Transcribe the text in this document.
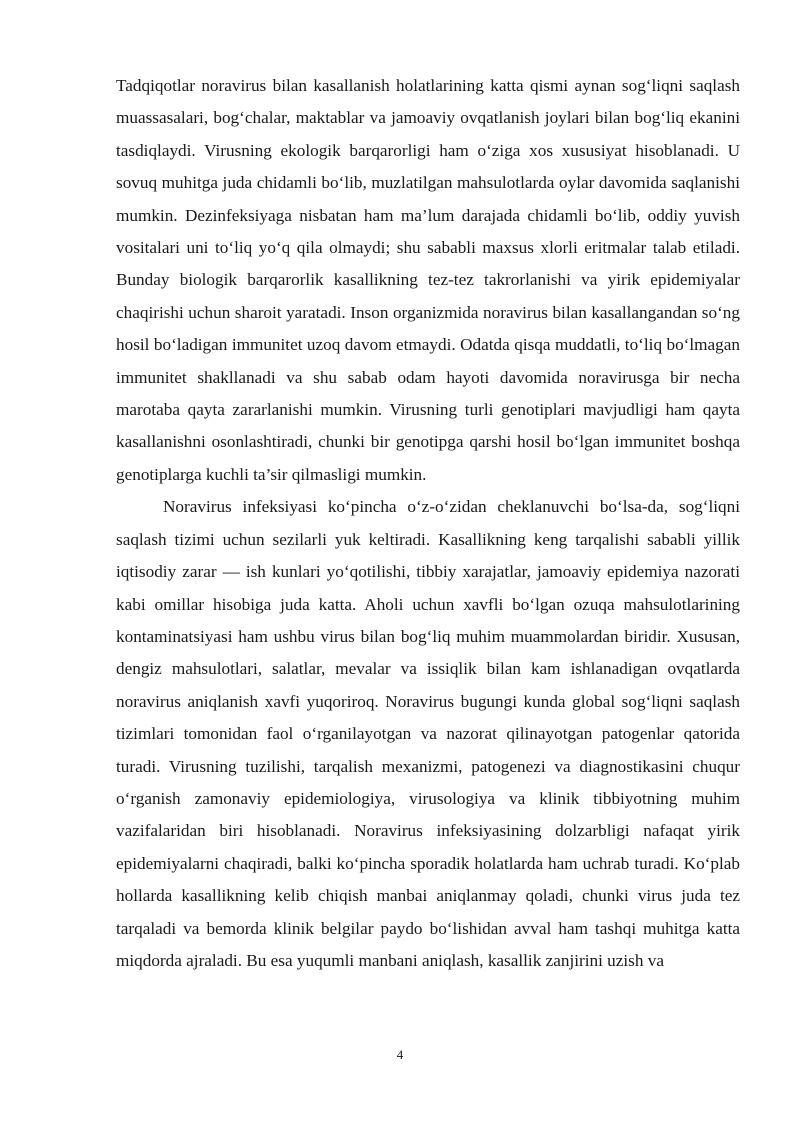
Tadqiqotlar noravirus bilan kasallanish holatlarining katta qismi aynan sog‘liqni saqlash muassasalari, bog‘chalar, maktablar va jamoaviy ovqatlanish joylari bilan bog‘liq ekanini tasdiqlaydi. Virusning ekologik barqarorligi ham o‘ziga xos xususiyat hisoblanadi. U sovuq muhitga juda chidamli bo‘lib, muzlatilgan mahsulotlarda oylar davomida saqlanishi mumkin. Dezinfeksiyaga nisbatan ham ma’lum darajada chidamli bo‘lib, oddiy yuvish vositalari uni to‘liq yo‘q qila olmaydi; shu sababli maxsus xlorli eritmalar talab etiladi. Bunday biologik barqarorlik kasallikning tez-tez takrorlanishi va yirik epidemiyalar chaqirishi uchun sharoit yaratadi. Inson organizmida noravirus bilan kasallangandan so‘ng hosil bo‘ladigan immunitet uzoq davom etmaydi. Odatda qisqa muddatli, to‘liq bo‘lmagan immunitet shakllanadi va shu sabab odam hayoti davomida noravirusga bir necha marotaba qayta zararlanishi mumkin. Virusning turli genotiplari mavjudligi ham qayta kasallanishni osonlashtiradi, chunki bir genotipga qarshi hosil bo‘lgan immunitet boshqa genotiplarga kuchli ta’sir qilmasligi mumkin.

Noravirus infeksiyasi ko‘pincha o‘z-o‘zidan cheklanuvchi bo‘lsa-da, sog‘liqni saqlash tizimi uchun sezilarli yuk keltiradi. Kasallikning keng tarqalishi sababli yillik iqtisodiy zarar — ish kunlari yo‘qotilishi, tibbiy xarajatlar, jamoaviy epidemiya nazorati kabi omillar hisobiga juda katta. Aholi uchun xavfli bo‘lgan ozuqa mahsulotlarining kontaminatsiyasi ham ushbu virus bilan bog‘liq muhim muammolardan biridir. Xususan, dengiz mahsulotlari, salatlar, mevalar va issiqlik bilan kam ishlanadigan ovqatlarda noravirus aniqlanish xavfi yuqoriroq. Noravirus bugungi kunda global sog‘liqni saqlash tizimlari tomonidan faol o‘rganilayotgan va nazorat qilinayotgan patogenlar qatorida turadi. Virusning tuzilishi, tarqalish mexanizmi, patogenezi va diagnostikasini chuqur o‘rganish zamonaviy epidemiologiya, virusologiya va klinik tibbiyotning muhim vazifalaridan biri hisoblanadi. Noravirus infeksiyasining dolzarbligi nafaqat yirik epidemiyalarni chaqiradi, balki ko‘pincha sporadik holatlarda ham uchrab turadi. Ko‘plab hollarda kasallikning kelib chiqish manbai aniqlanmay qoladi, chunki virus juda tez tarqaladi va bemorda klinik belgilar paydo bo‘lishidan avval ham tashqi muhitga katta miqdorda ajraladi. Bu esa yuqumli manbani aniqlash, kasallik zanjirini uzish va

4
